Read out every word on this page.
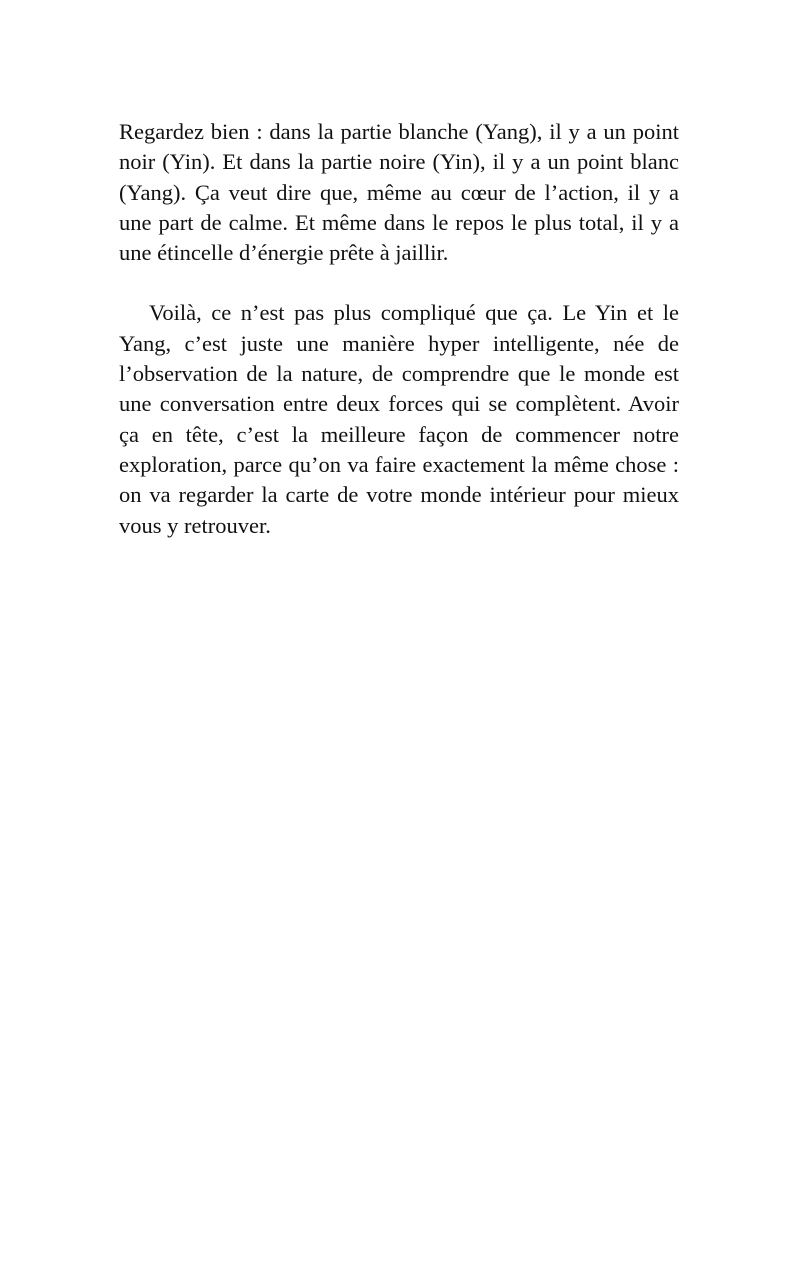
Regardez bien : dans la partie blanche (Yang), il y a un point noir (Yin). Et dans la partie noire (Yin), il y a un point blanc (Yang). Ça veut dire que, même au cœur de l’action, il y a une part de calme. Et même dans le repos le plus total, il y a une étincelle d’énergie prête à jaillir.

Voilà, ce n’est pas plus compliqué que ça. Le Yin et le Yang, c’est juste une manière hyper intelligente, née de l’observation de la nature, de comprendre que le monde est une conversation entre deux forces qui se complètent. Avoir ça en tête, c’est la meilleure façon de commencer notre exploration, parce qu’on va faire exactement la même chose : on va regarder la carte de votre monde intérieur pour mieux vous y retrouver.
